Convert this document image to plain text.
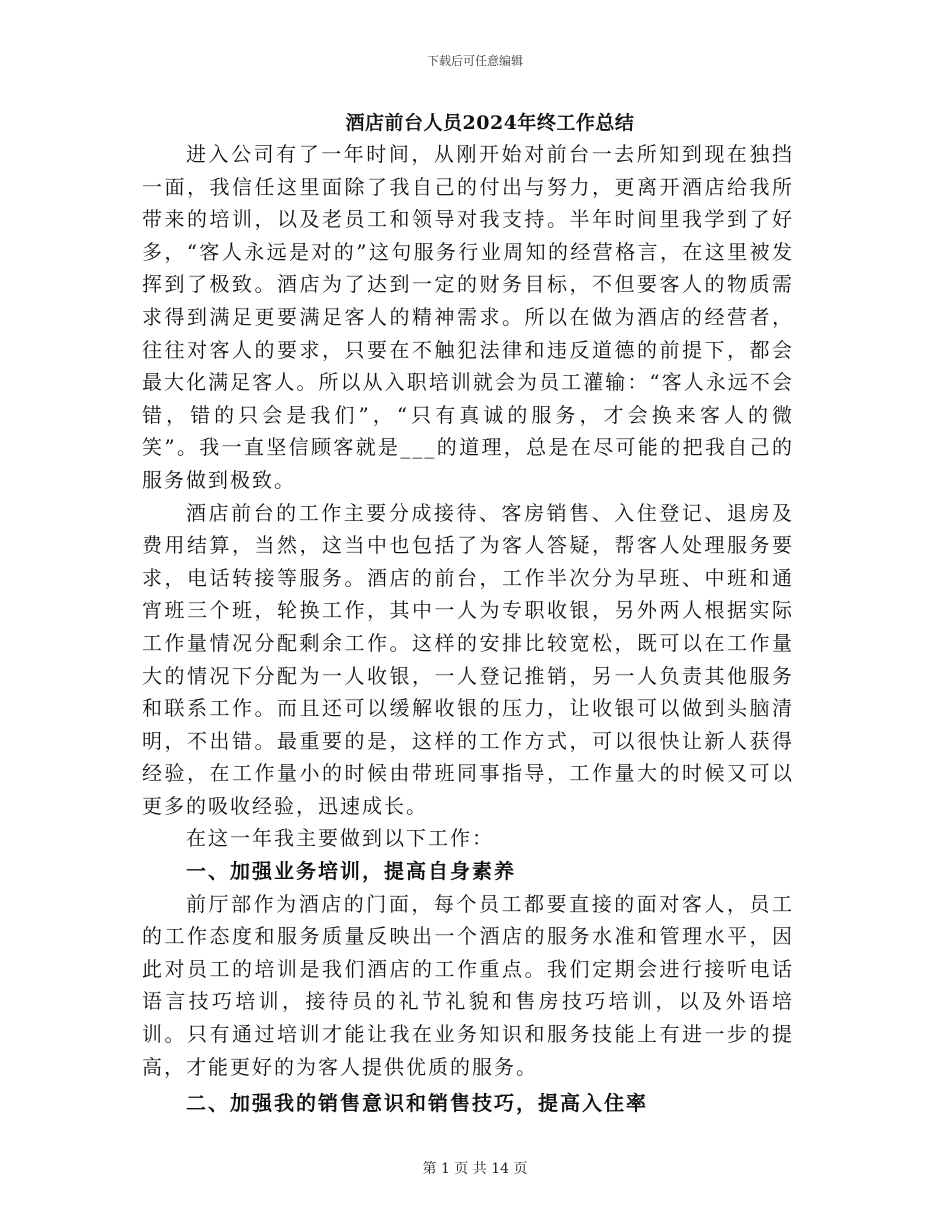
下载后可任意编辑
酒店前台人员2024年终工作总结

进入公司有了一年时间，从刚开始对前台一去所知到现在独挡一面，我信任这里面除了我自己的付出与努力，更离开酒店给我所带来的培训，以及老员工和领导对我支持。半年时间里我学到了好多，“客人永远是对的”这句服务行业周知的经营格言，在这里被发挥到了极致。酒店为了达到一定的财务目标，不但要客人的物质需求得到满足更要满足客人的精神需求。所以在做为酒店的经营者，往往对客人的要求，只要在不触犯法律和违反道德的前提下，都会最大化满足客人。所以从入职培训就会为员工灌输：“客人永远不会错，错的只会是我们”，“只有真诚的服务，才会换来客人的微笑”。我一直坚信顾客就是___的道理，总是在尽可能的把我自己的服务做到极致。

酒店前台的工作主要分成接待、客房销售、入住登记、退房及费用结算，当然，这当中也包括了为客人答疑，帮客人处理服务要求，电话转接等服务。酒店的前台，工作半次分为早班、中班和通宵班三个班，轮换工作，其中一人为专职收银，另外两人根据实际工作量情况分配剩余工作。这样的安排比较宽松，既可以在工作量大的情况下分配为一人收银，一人登记推销，另一人负责其他服务和联系工作。而且还可以缓解收银的压力，让收银可以做到头脑清明，不出错。最重要的是，这样的工作方式，可以很快让新人获得经验，在工作量小的时候由带班同事指导，工作量大的时候又可以更多的吸收经验，迅速成长。

在这一年我主要做到以下工作：

一、加强业务培训，提高自身素养

前厅部作为酒店的门面，每个员工都要直接的面对客人，员工的工作态度和服务质量反映出一个酒店的服务水准和管理水平，因此对员工的培训是我们酒店的工作重点。我们定期会进行接听电话语言技巧培训，接待员的礼节礼貌和售房技巧培训，以及外语培训。只有通过培训才能让我在业务知识和服务技能上有进一步的提高，才能更好的为客人提供优质的服务。

二、加强我的销售意识和销售技巧，提高入住率

第 1 页 共 14 页
